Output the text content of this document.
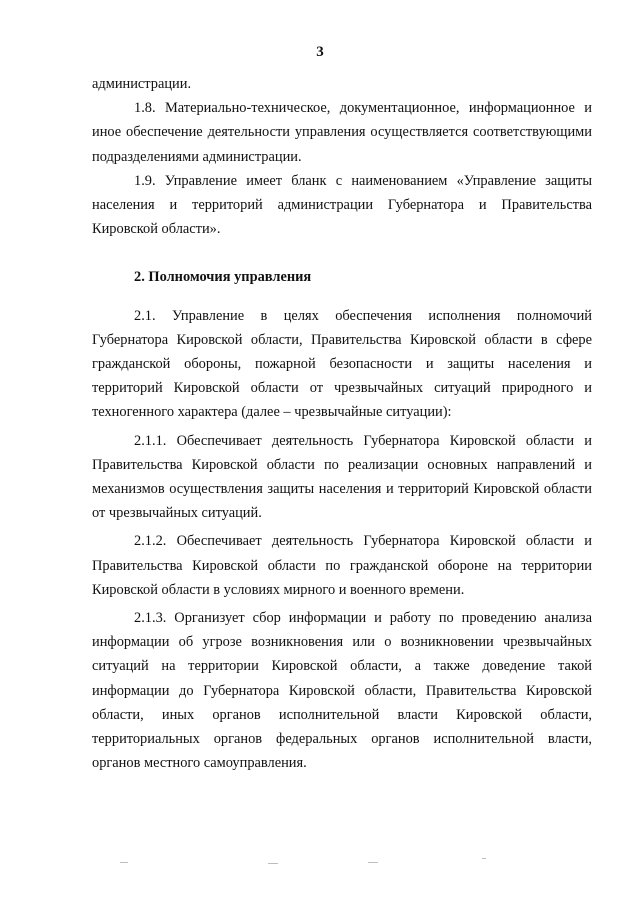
3

администрации.

1.8. Материально-техническое, документационное, информационное и иное обеспечение деятельности управления осуществляется соответствующими подразделениями администрации.

1.9. Управление имеет бланк с наименованием «Управление защиты населения и территорий администрации Губернатора и Правительства Кировской области».

2. Полномочия управления

2.1. Управление в целях обеспечения исполнения полномочий Губернатора Кировской области, Правительства Кировской области в сфере гражданской обороны, пожарной безопасности и защиты населения и территорий Кировской области от чрезвычайных ситуаций природного и техногенного характера (далее – чрезвычайные ситуации):

2.1.1. Обеспечивает деятельность Губернатора Кировской области и Правительства Кировской области по реализации основных направлений и механизмов осуществления защиты населения и территорий Кировской области от чрезвычайных ситуаций.

2.1.2. Обеспечивает деятельность Губернатора Кировской области и Правительства Кировской области по гражданской обороне на территории Кировской области в условиях мирного и военного времени.

2.1.3. Организует сбор информации и работу по проведению анализа информации об угрозе возникновения или о возникновении чрезвычайных ситуаций на территории Кировской области, а также доведение такой информации до Губернатора Кировской области, Правительства Кировской области, иных органов исполнительной власти Кировской области, территориальных органов федеральных органов исполнительной власти, органов местного самоуправления.
